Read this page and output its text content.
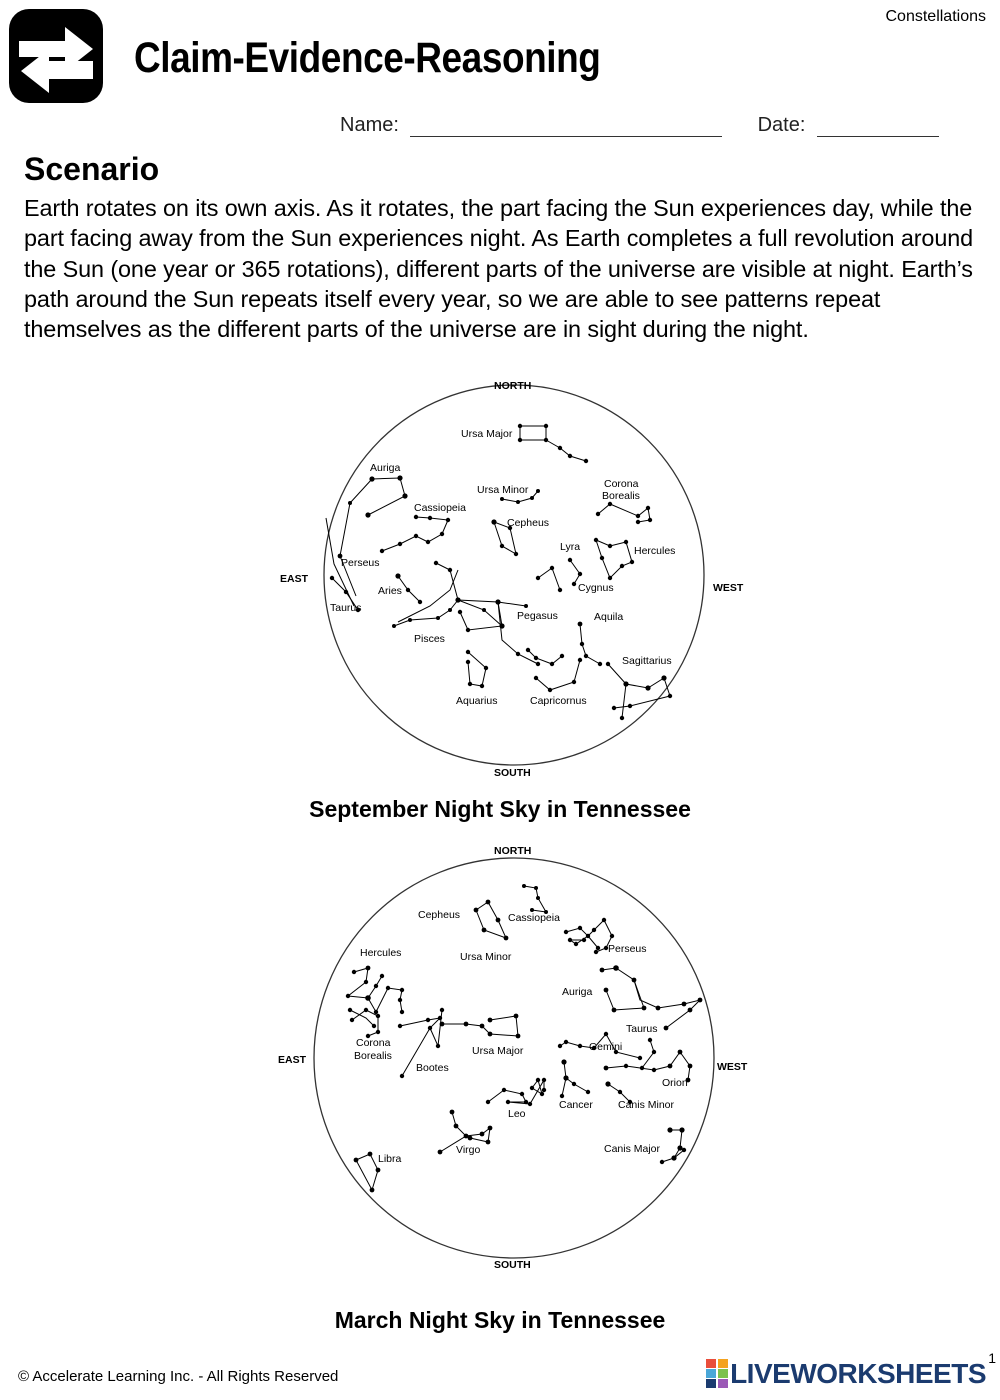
Constellations
Claim-Evidence-Reasoning
Name:	Date:
Scenario

Earth rotates on its own axis. As it rotates, the part facing the Sun experiences day, while the part facing away from the Sun experiences night. As Earth completes a full revolution around the Sun (one year or 365 rotations), different parts of the universe are visible at night. Earth’s path around the Sun repeats itself every year, so we are able to see patterns repeat themselves as the different parts of the universe are in sight during the night.

NORTH
SOUTH
EAST
WEST
Ursa Major
Auriga
Ursa Minor	Corona
Borealis
Cassiopeia
Cepheus
Lyra	Hercules
Perseus
Cygnus
Aries
Taurus
Pegasus	Aquila
Pisces
Sagittarius
Aquarius	Capricornus
September Night Sky in Tennessee
NORTH
SOUTH
EAST
WEST
Cepheus	Cassiopeia
Hercules	Perseus
Ursa Minor
Auriga
Taurus
Corona
Borealis
Gemini
Ursa Major
Bootes
Orion
Cancer Canis Minor
Leo
Virgo	Canis Major
Libra
March Night Sky in Tennessee
© Accelerate Learning Inc. - All Rights Reserved	LIVEWORKSHEETS 1
